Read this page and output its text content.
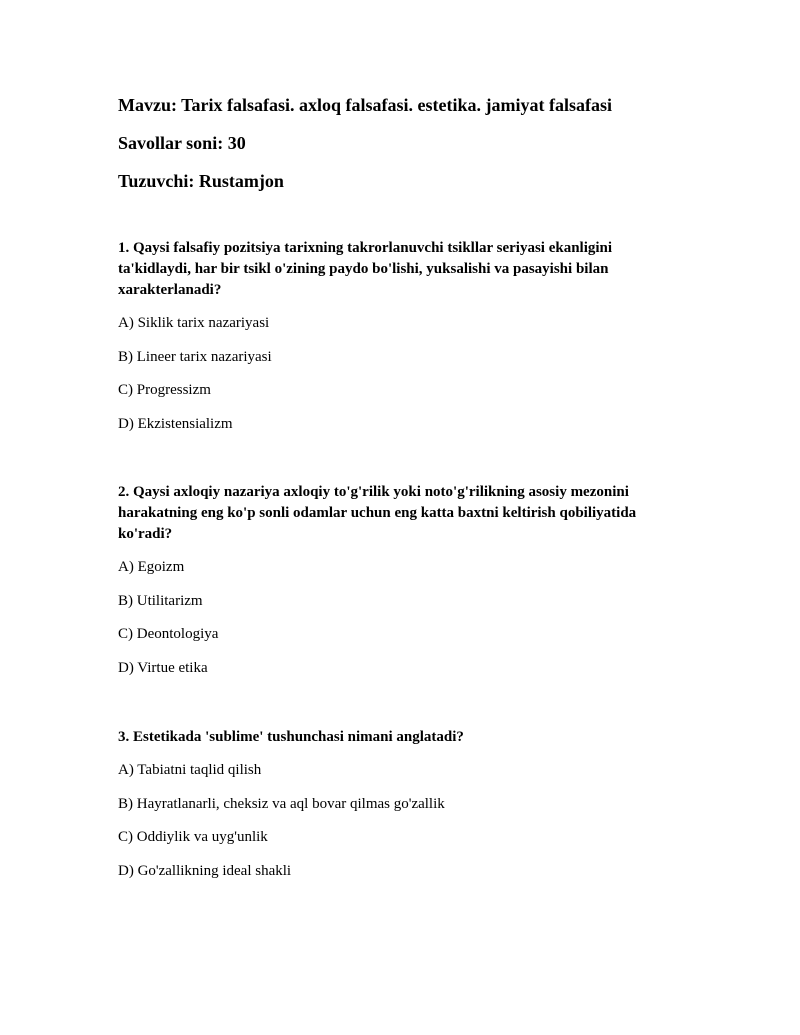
Mavzu: Tarix falsafasi. axloq falsafasi. estetika. jamiyat falsafasi
Savollar soni: 30
Tuzuvchi: Rustamjon

1. Qaysi falsafiy pozitsiya tarixning takrorlanuvchi tsikllar seriyasi ekanligini ta'kidlaydi, har bir tsikl o'zining paydo bo'lishi, yuksalishi va pasayishi bilan xarakterlanadi?

A) Siklik tarix nazariyasi
B) Lineer tarix nazariyasi
C) Progressizm
D) Ekzistensializm

2. Qaysi axloqiy nazariya axloqiy to'g'rilik yoki noto'g'rilikning asosiy mezonini harakatning eng ko'p sonli odamlar uchun eng katta baxtni keltirish qobiliyatida ko'radi?

A) Egoizm
B) Utilitarizm
C) Deontologiya
D) Virtue etika

3. Estetikada 'sublime' tushunchasi nimani anglatadi?

A) Tabiatni taqlid qilish
B) Hayratlanarli, cheksiz va aql bovar qilmas go'zallik
C) Oddiylik va uyg'unlik
D) Go'zallikning ideal shakli
